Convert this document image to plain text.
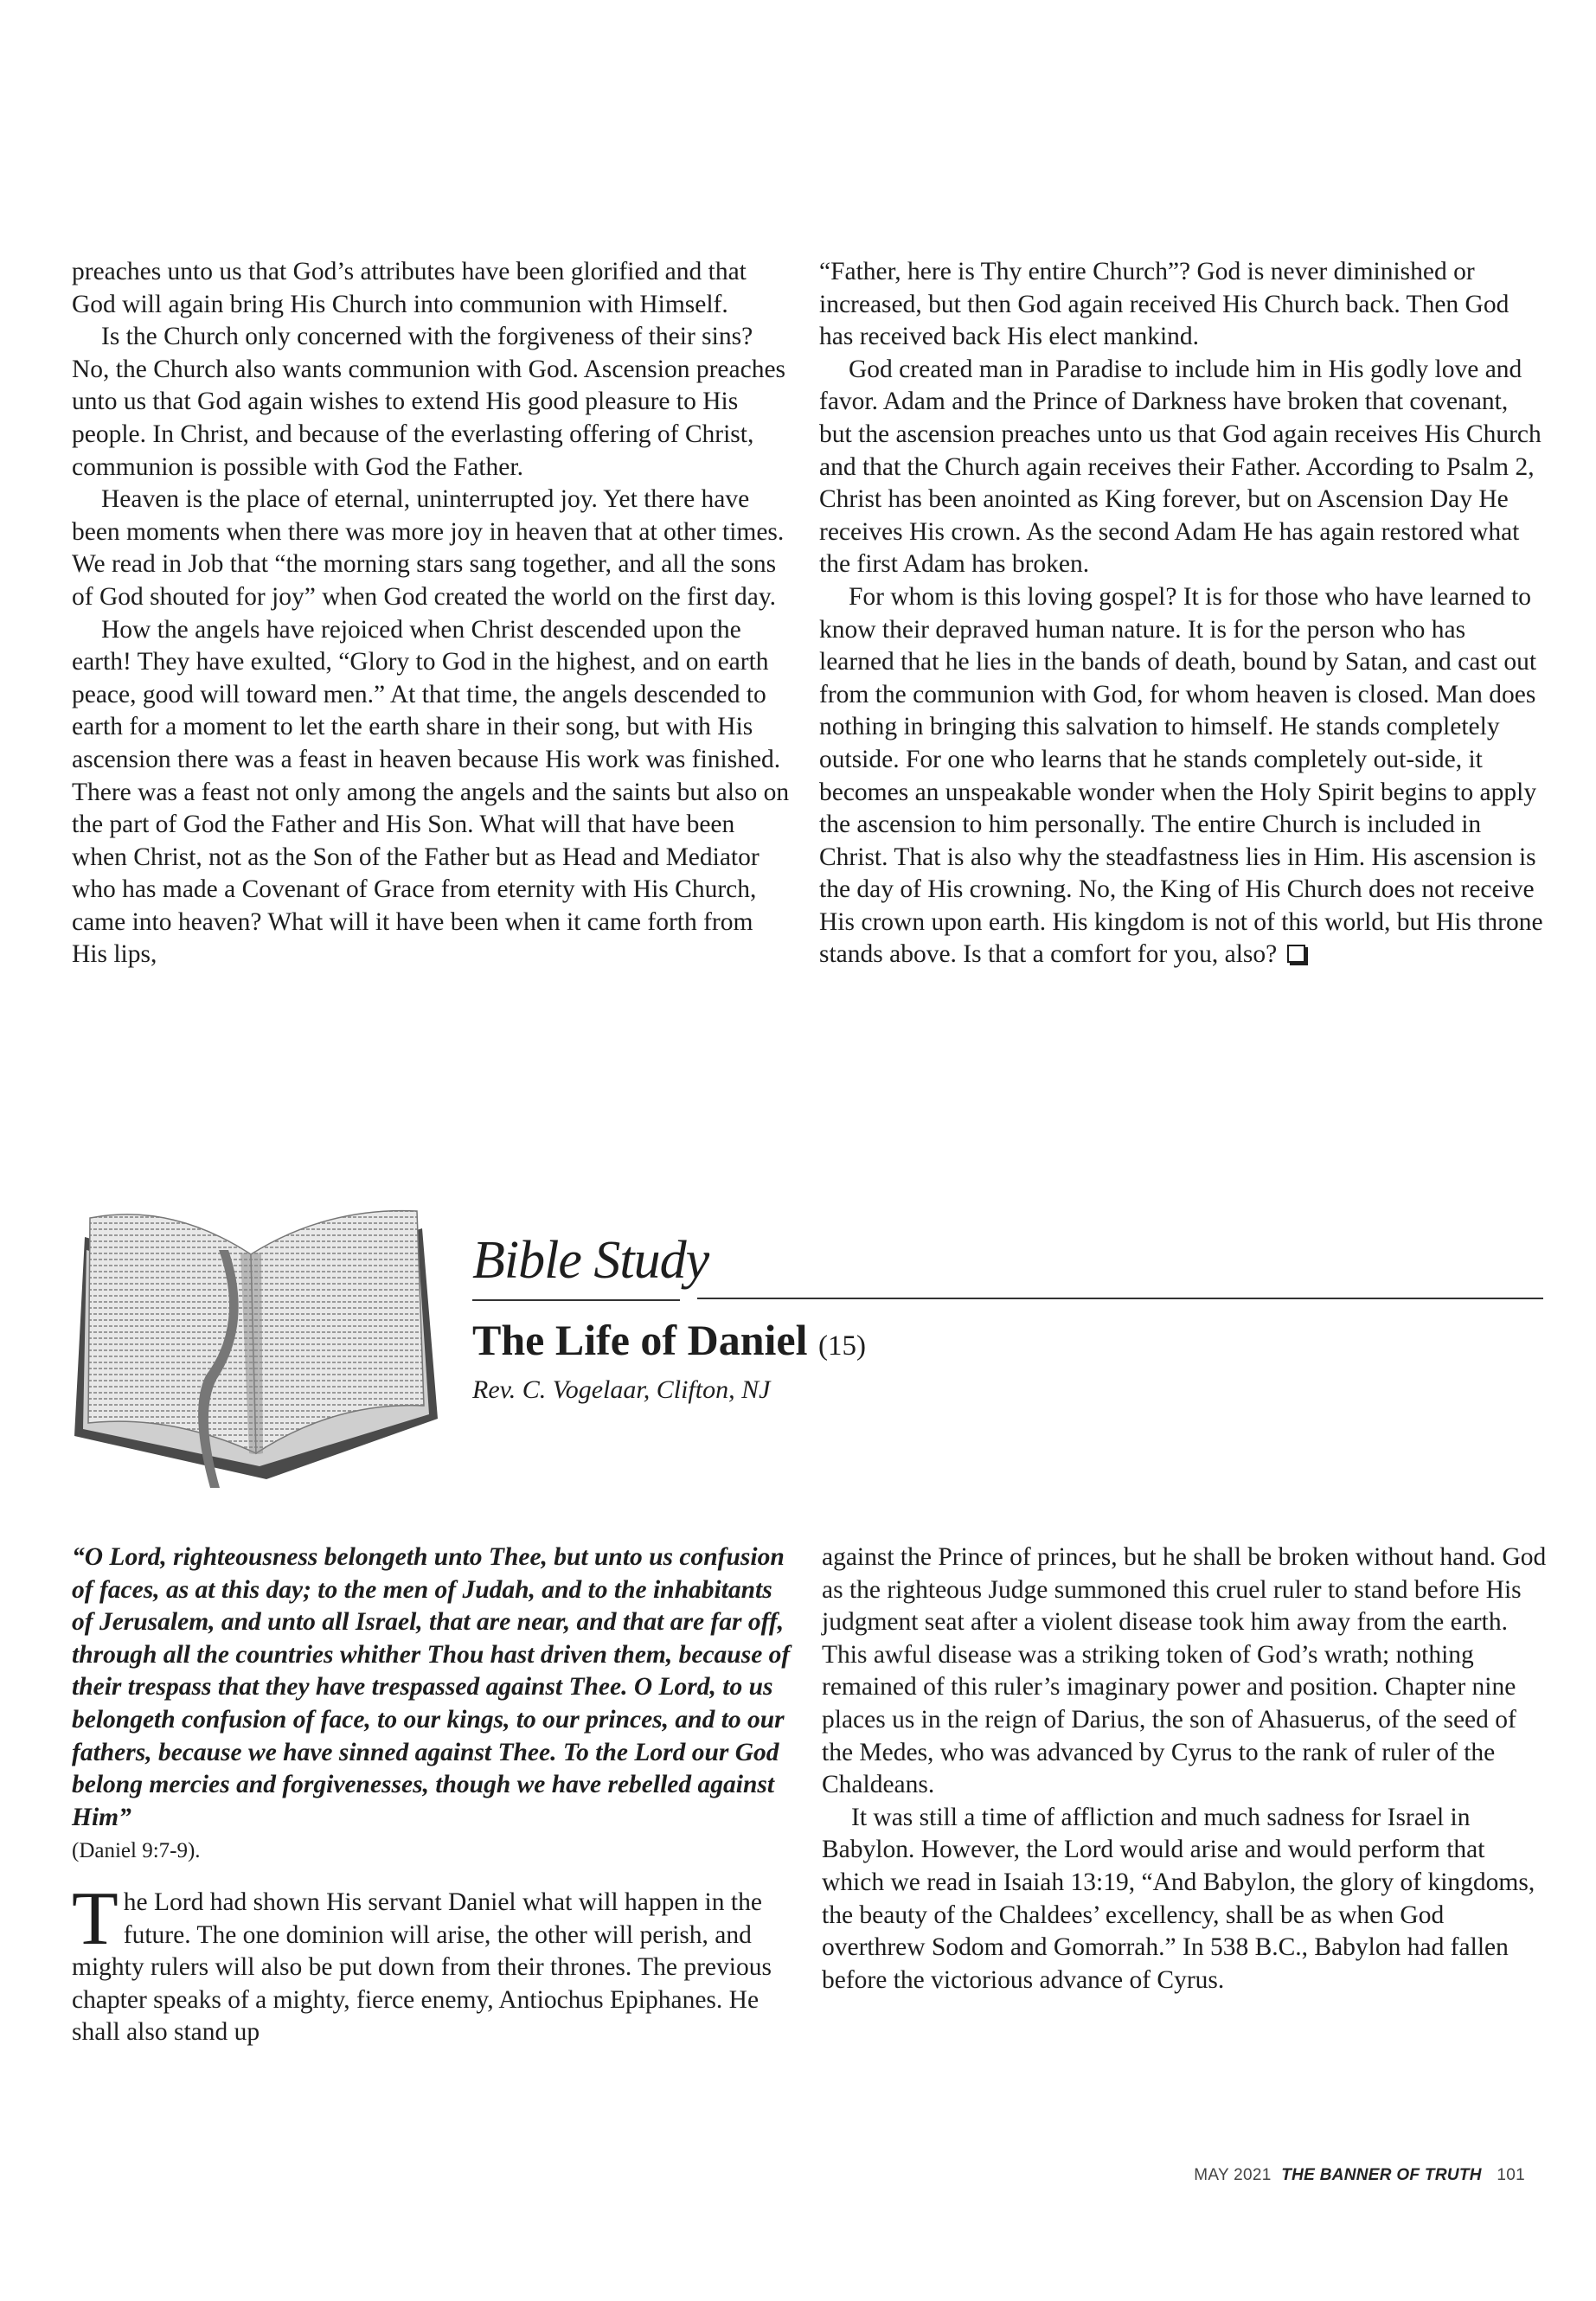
preaches unto us that God’s attributes have been glorified and that God will again bring His Church into communion with Himself.

Is the Church only concerned with the forgiveness of their sins? No, the Church also wants communion with God. Ascension preaches unto us that God again wishes to extend His good pleasure to His people. In Christ, and because of the everlasting offering of Christ, communion is possible with God the Father.

Heaven is the place of eternal, uninterrupted joy. Yet there have been moments when there was more joy in heaven that at other times. We read in Job that “the morning stars sang together, and all the sons of God shouted for joy” when God created the world on the first day.

How the angels have rejoiced when Christ descended upon the earth! They have exulted, “Glory to God in the highest, and on earth peace, good will toward men.” At that time, the angels descended to earth for a moment to let the earth share in their song, but with His ascension there was a feast in heaven because His work was finished. There was a feast not only among the angels and the saints but also on the part of God the Father and His Son. What will that have been when Christ, not as the Son of the Father but as Head and Mediator who has made a Covenant of Grace from eternity with His Church, came into heaven? What will it have been when it came forth from His lips,

“Father, here is Thy entire Church”? God is never diminished or increased, but then God again received His Church back. Then God has received back His elect mankind.

God created man in Paradise to include him in His godly love and favor. Adam and the Prince of Darkness have broken that covenant, but the ascension preaches unto us that God again receives His Church and that the Church again receives their Father. According to Psalm 2, Christ has been anointed as King forever, but on Ascension Day He receives His crown. As the second Adam He has again restored what the first Adam has broken.

For whom is this loving gospel? It is for those who have learned to know their depraved human nature. It is for the person who has learned that he lies in the bands of death, bound by Satan, and cast out from the communion with God, for whom heaven is closed. Man does nothing in bringing this salvation to himself. He stands completely outside. For one who learns that he stands completely out-side, it becomes an unspeakable wonder when the Holy Spirit begins to apply the ascension to him personally. The entire Church is included in Christ. That is also why the steadfastness lies in Him. His ascension is the day of His crowning. No, the King of His Church does not receive His crown upon earth. His kingdom is not of this world, but His throne stands above. Is that a comfort for you, also?

Bible Study
The Life of Daniel (15)
Rev. C. Vogelaar, Clifton, NJ

“O Lord, righteousness belongeth unto Thee, but unto us confusion of faces, as at this day; to the men of Judah, and to the inhabitants of Jerusalem, and unto all Israel, that are near, and that are far off, through all the countries whither Thou hast driven them, because of their trespass that they have trespassed against Thee. O Lord, to us belongeth confusion of face, to our kings, to our princes, and to our fathers, because we have sinned against Thee. To the Lord our God belong mercies and forgivenesses, though we have rebelled against Him”
(Daniel 9:7-9).

The Lord had shown His servant Daniel what will happen in the future. The one dominion will arise, the other will perish, and mighty rulers will also be put down from their thrones. The previous chapter speaks of a mighty, fierce enemy, Antiochus Epiphanes. He shall also stand up

against the Prince of princes, but he shall be broken without hand. God as the righteous Judge summoned this cruel ruler to stand before His judgment seat after a violent disease took him away from the earth. This awful disease was a striking token of God’s wrath; nothing remained of this ruler’s imaginary power and position. Chapter nine places us in the reign of Darius, the son of Ahasuerus, of the seed of the Medes, who was advanced by Cyrus to the rank of ruler of the Chaldeans.

It was still a time of affliction and much sadness for Israel in Babylon. However, the Lord would arise and would perform that which we read in Isaiah 13:19, “And Babylon, the glory of kingdoms, the beauty of the Chaldees’ excellency, shall be as when God overthrew Sodom and Gomorrah.” In 538 B.C., Babylon had fallen before the victorious advance of Cyrus.

MAY 2021 THE BANNER OF TRUTH 101
